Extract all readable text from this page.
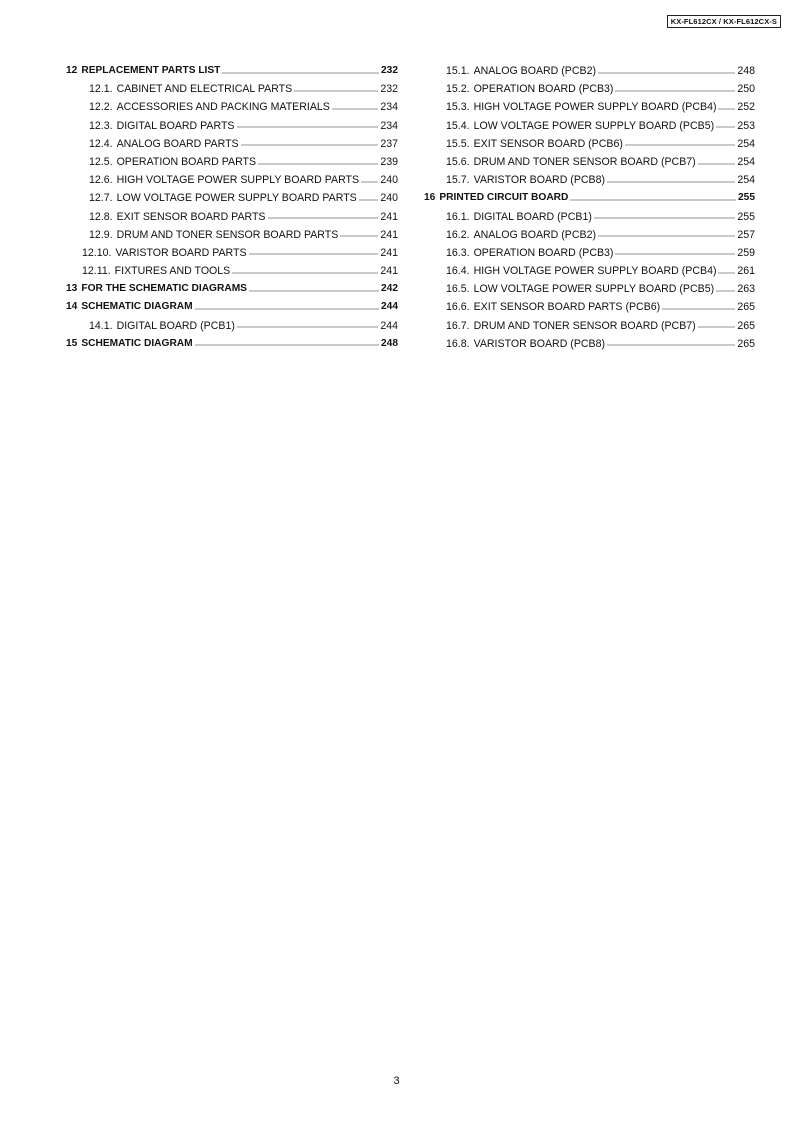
KX-FL612CX / KX-FL612CX-S
12 REPLACEMENT PARTS LIST	232
12.1. CABINET AND ELECTRICAL PARTS	232
12.2. ACCESSORIES AND PACKING MATERIALS	234
12.3. DIGITAL BOARD PARTS	234
12.4. ANALOG BOARD PARTS	237
12.5. OPERATION BOARD PARTS	239
12.6. HIGH VOLTAGE POWER SUPPLY BOARD PARTS 240
12.7. LOW VOLTAGE POWER SUPPLY BOARD PARTS 240
12.8. EXIT SENSOR BOARD PARTS	241
12.9. DRUM AND TONER SENSOR BOARD PARTS	241
12.10. VARISTOR BOARD PARTS	241
12.11. FIXTURES AND TOOLS	241
13 FOR THE SCHEMATIC DIAGRAMS	242
14 SCHEMATIC DIAGRAM	244
14.1. DIGITAL BOARD (PCB1)	244
15 SCHEMATIC DIAGRAM	248
15.1. ANALOG BOARD (PCB2)	248
15.2. OPERATION BOARD (PCB3)	250
15.3. HIGH VOLTAGE POWER SUPPLY BOARD (PCB4) 252
15.4. LOW VOLTAGE POWER SUPPLY BOARD (PCB5) 253
15.5. EXIT SENSOR BOARD (PCB6)	254
15.6. DRUM AND TONER SENSOR BOARD (PCB7)	254
15.7. VARISTOR BOARD (PCB8)	254
16 PRINTED CIRCUIT BOARD	255
16.1. DIGITAL BOARD (PCB1)	255
16.2. ANALOG BOARD (PCB2)	257
16.3. OPERATION BOARD (PCB3)	259
16.4. HIGH VOLTAGE POWER SUPPLY BOARD (PCB4) 261
16.5. LOW VOLTAGE POWER SUPPLY BOARD (PCB5) 263
16.6. EXIT SENSOR BOARD PARTS (PCB6)	265
16.7. DRUM AND TONER SENSOR BOARD (PCB7)	265
16.8. VARISTOR BOARD (PCB8)	265
3
